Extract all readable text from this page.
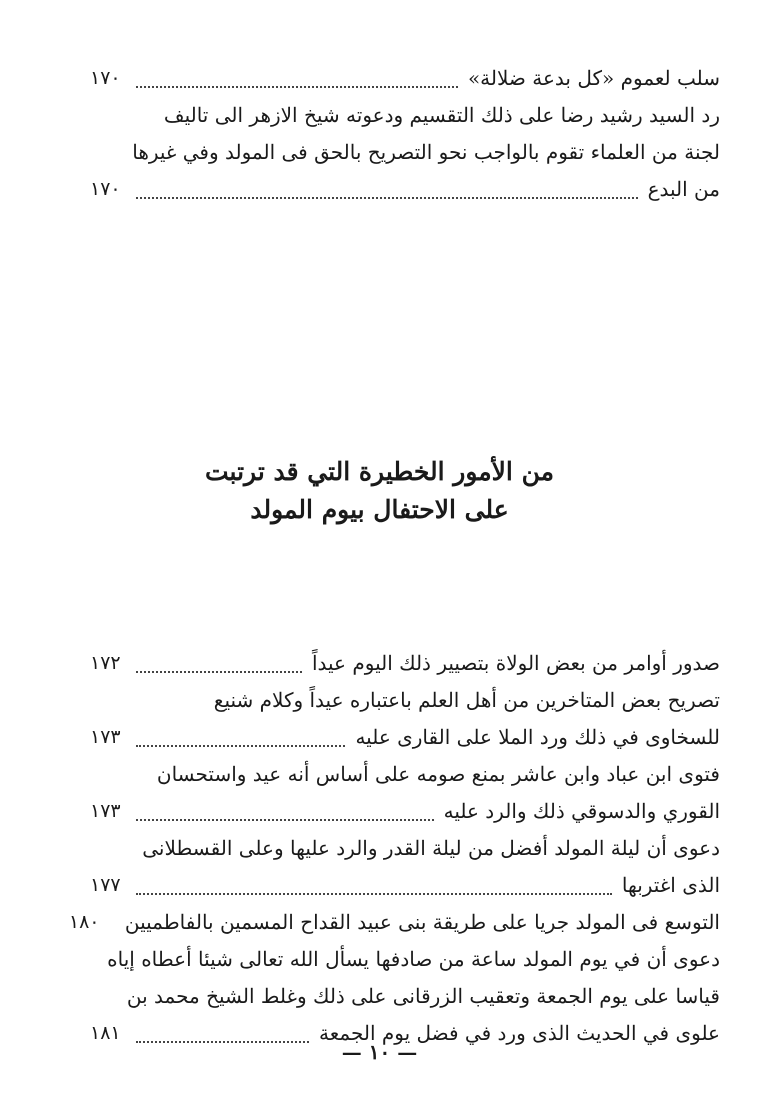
سلب لعموم «كل بدعة ضلالة»
١٧٠
رد السيد رشيد رضا على ذلك التقسيم ودعوته شيخ الازهر الى تاليف
لجنة من العلماء تقوم بالواجب نحو التصريح بالحق فى المولد وفي غيرها
من البدع
١٧٠
من الأمور الخطيرة التي قد ترتبت
على الاحتفال بيوم المولد
صدور أوامر من بعض الولاة بتصيير ذلك اليوم عيداً
١٧٢
تصريح بعض المتاخرين من أهل العلم باعتباره عيداً وكلام شنيع
للسخاوى في ذلك ورد الملا على القارى عليه
١٧٣
فتوى ابن عباد وابن عاشر بمنع صومه على أساس أنه عيد واستحسان
القوري والدسوقي ذلك والرد عليه
١٧٣
دعوى أن ليلة المولد أفضل من ليلة القدر والرد عليها وعلى القسطلانى
الذى اغتربها
١٧٧
التوسع فى المولد جريا على طريقة بنى عبيد القداح المسمين بالفاطميين
١٨٠
دعوى أن في يوم المولد ساعة من صادفها يسأل الله تعالى شيئا أعطاه إياه
قياسا على يوم الجمعة وتعقيب الزرقانى على ذلك وغلط الشيخ محمد بن
علوى في الحديث الذى ورد في فضل يوم الجمعة
١٨١
— ١٠ —
